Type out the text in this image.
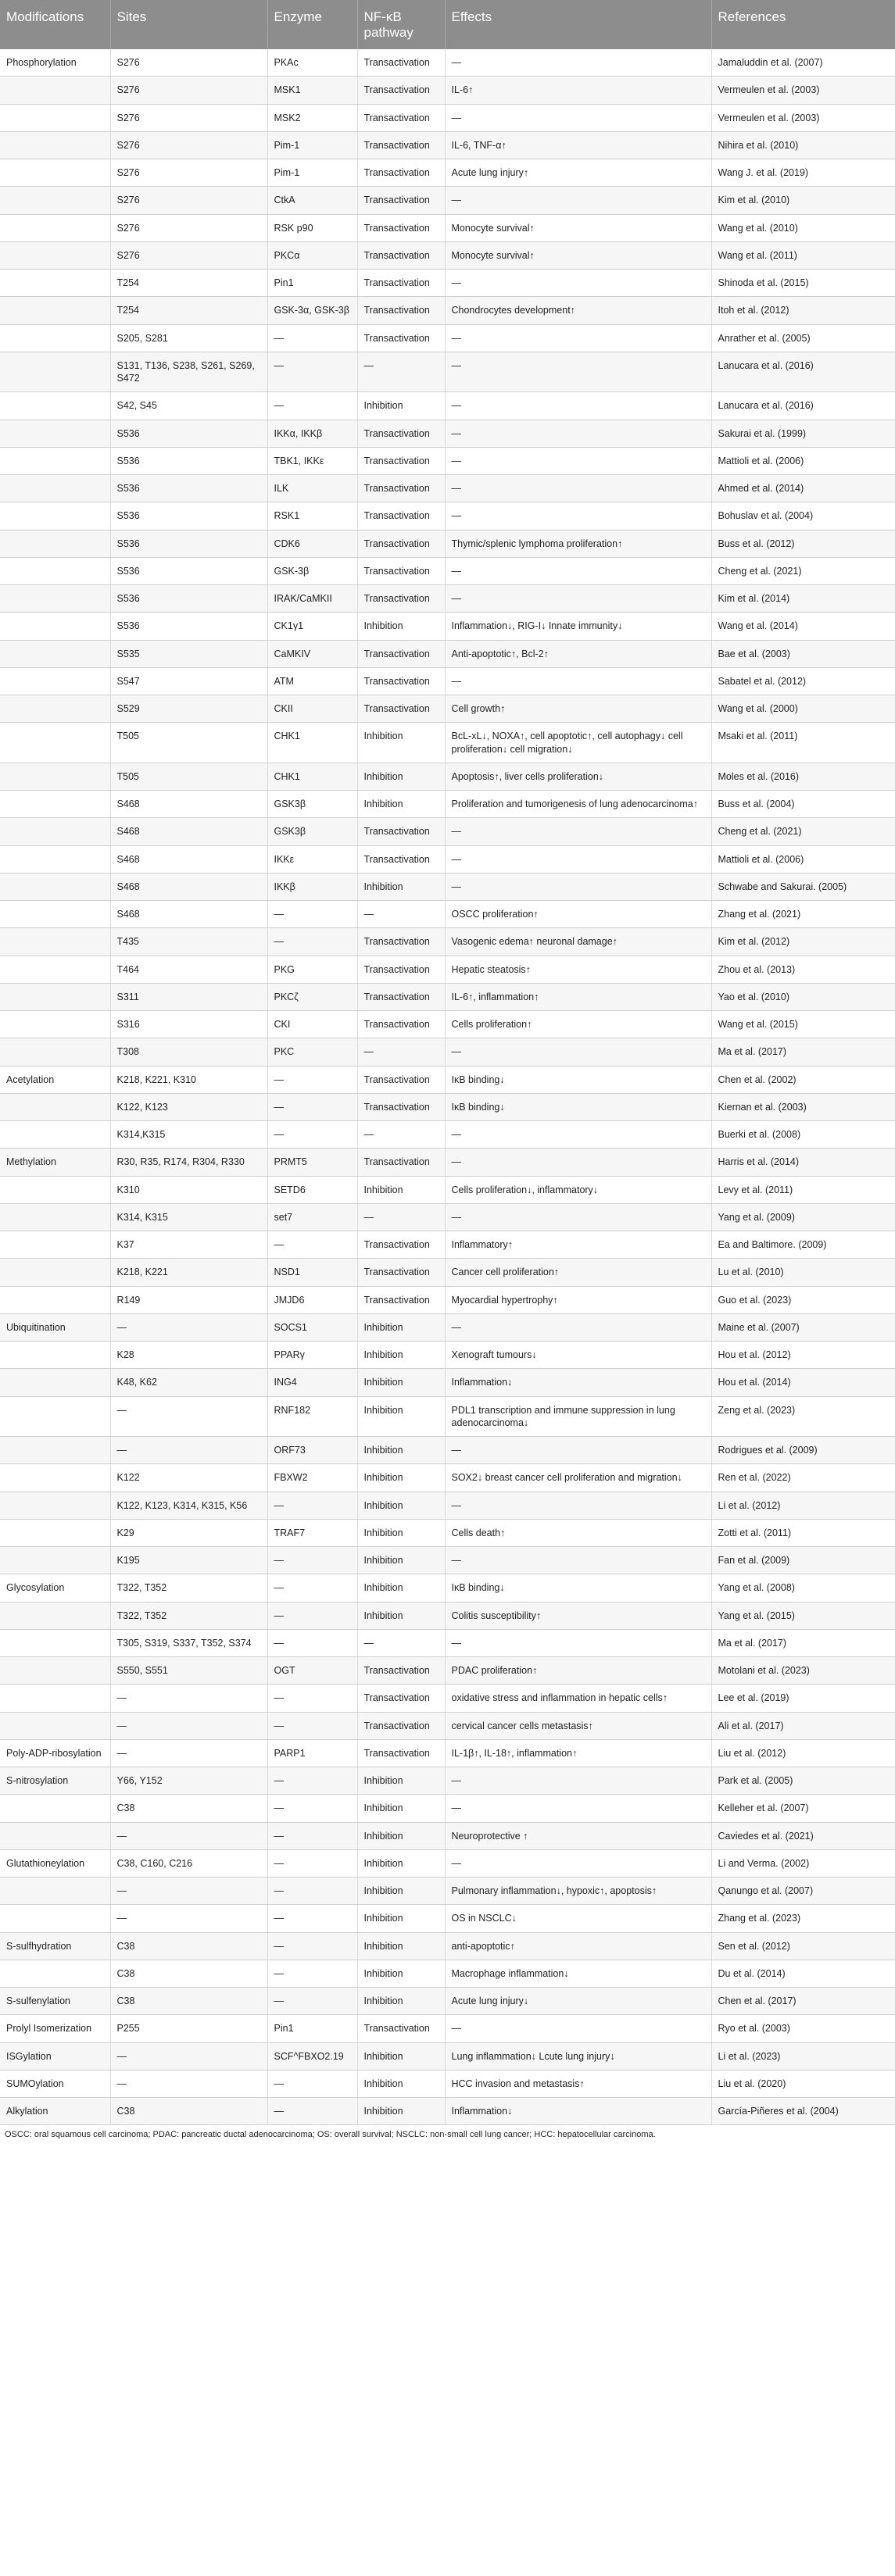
Modifications	Sites	Enzyme	NF-κB pathway	Effects	References
Phosphorylation	S276	PKAc	Transactivation	—	Jamaluddin et al. (2007)
	S276	MSK1	Transactivation	IL-6↑	Vermeulen et al. (2003)
	S276	MSK2	Transactivation	—	Vermeulen et al. (2003)
	S276	Pim-1	Transactivation	IL-6, TNF-α↑	Nihira et al. (2010)
	S276	Pim-1	Transactivation	Acute lung injury↑	Wang J. et al. (2019)
	S276	CtkA	Transactivation	—	Kim et al. (2010)
	S276	RSK p90	Transactivation	Monocyte survival↑	Wang et al. (2010)
	S276	PKCα	Transactivation	Monocyte survival↑	Wang et al. (2011)
	T254	Pin1	Transactivation	—	Shinoda et al. (2015)
	T254	GSK-3α, GSK-3β	Transactivation	Chondrocytes development↑	Itoh et al. (2012)
	S205, S281	—	Transactivation	—	Anrather et al. (2005)
	S131, T136, S238, S261, S269, S472	—	—	—	Lanucara et al. (2016)
	S42, S45	—	Inhibition	—	Lanucara et al. (2016)
	S536	IKKα, IKKβ	Transactivation	—	Sakurai et al. (1999)
	S536	TBK1, IKKε	Transactivation	—	Mattioli et al. (2006)
	S536	ILK	Transactivation	—	Ahmed et al. (2014)
	S536	RSK1	Transactivation	—	Bohuslav et al. (2004)
	S536	CDK6	Transactivation	Thymic/splenic lymphoma proliferation↑	Buss et al. (2012)
	S536	GSK-3β	Transactivation	—	Cheng et al. (2021)
	S536	IRAK/CaMKII	Transactivation	—	Kim et al. (2014)
	S536	CK1γ1	Inhibition	Inflammation↓, RIG-I↓ Innate immunity↓	Wang et al. (2014)
	S535	CaMKIV	Transactivation	Anti-apoptotic↑, Bcl-2↑	Bae et al. (2003)
	S547	ATM	Transactivation	—	Sabatel et al. (2012)
	S529	CKII	Transactivation	Cell growth↑	Wang et al. (2000)
	T505	CHK1	Inhibition	BcL-xL↓, NOXA↑, cell apoptotic↑, cell autophagy↓ cell proliferation↓ cell migration↓	Msaki et al. (2011)
	T505	CHK1	Inhibition	Apoptosis↑, liver cells proliferation↓	Moles et al. (2016)
	S468	GSK3β	Inhibition	Proliferation and tumorigenesis of lung adenocarcinoma↑	Buss et al. (2004)
	S468	GSK3β	Transactivation	—	Cheng et al. (2021)
	S468	IKKε	Transactivation	—	Mattioli et al. (2006)
	S468	IKKβ	Inhibition	—	Schwabe and Sakurai. (2005)
	S468	—	—	OSCC proliferation↑	Zhang et al. (2021)
	T435	—	Transactivation	Vasogenic edema↑ neuronal damage↑	Kim et al. (2012)
	T464	PKG	Transactivation	Hepatic steatosis↑	Zhou et al. (2013)
	S311	PKCζ	Transactivation	IL-6↑, inflammation↑	Yao et al. (2010)
	S316	CKI	Transactivation	Cells proliferation↑	Wang et al. (2015)
	T308	PKC	—	—	Ma et al. (2017)
Acetylation	K218, K221, K310	—	Transactivation	IκB binding↓	Chen et al. (2002)
	K122, K123	—	Transactivation	IκB binding↓	Kiernan et al. (2003)
	K314,K315	—	—	—	Buerki et al. (2008)
Methylation	R30, R35, R174, R304, R330	PRMT5	Transactivation	—	Harris et al. (2014)
	K310	SETD6	Inhibition	Cells proliferation↓, inflammatory↓	Levy et al. (2011)
	K314, K315	set7	—	—	Yang et al. (2009)
	K37	—	Transactivation	Inflammatory↑	Ea and Baltimore. (2009)
	K218, K221	NSD1	Transactivation	Cancer cell proliferation↑	Lu et al. (2010)
	R149	JMJD6	Transactivation	Myocardial hypertrophy↑	Guo et al. (2023)
Ubiquitination	—	SOCS1	Inhibition	—	Maine et al. (2007)
	K28	PPARγ	Inhibition	Xenograft tumours↓	Hou et al. (2012)
	K48, K62	ING4	Inhibition	Inflammation↓	Hou et al. (2014)
	—	RNF182	Inhibition	PDL1 transcription and immune suppression in lung adenocarcinoma↓	Zeng et al. (2023)
	—	ORF73	Inhibition	—	Rodrigues et al. (2009)
	K122	FBXW2	Inhibition	SOX2↓ breast cancer cell proliferation and migration↓	Ren et al. (2022)
	K122, K123, K314, K315, K56	—	Inhibition	—	Li et al. (2012)
	K29	TRAF7	Inhibition	Cells death↑	Zotti et al. (2011)
	K195	—	Inhibition	—	Fan et al. (2009)
Glycosylation	T322, T352	—	Inhibition	IκB binding↓	Yang et al. (2008)
	T322, T352	—	Inhibition	Colitis susceptibility↑	Yang et al. (2015)
	T305, S319, S337, T352, S374	—	—	—	Ma et al. (2017)
	S550, S551	OGT	Transactivation	PDAC proliferation↑	Motolani et al. (2023)
	—	—	Transactivation	oxidative stress and inflammation in hepatic cells↑	Lee et al. (2019)
	—	—	Transactivation	cervical cancer cells metastasis↑	Ali et al. (2017)
Poly-ADP-ribosylation	—	PARP1	Transactivation	IL-1β↑, IL-18↑, inflammation↑	Liu et al. (2012)
S-nitrosylation	Y66, Y152	—	Inhibition	—	Park et al. (2005)
	C38	—	Inhibition	—	Kelleher et al. (2007)
	—	—	Inhibition	Neuroprotective ↑	Caviedes et al. (2021)
Glutathioneylation	C38, C160, C216	—	Inhibition	—	Li and Verma. (2002)
	—	—	Inhibition	Pulmonary inflammation↓, hypoxic↑, apoptosis↑	Qanungo et al. (2007)
	—	—	Inhibition	OS in NSCLC↓	Zhang et al. (2023)
S-sulfhydration	C38	—	Inhibition	anti-apoptotic↑	Sen et al. (2012)
	C38	—	Inhibition	Macrophage inflammation↓	Du et al. (2014)
S-sulfenylation	C38	—	Inhibition	Acute lung injury↓	Chen et al. (2017)
Prolyl Isomerization	P255	Pin1	Transactivation	—	Ryo et al. (2003)
ISGylation	—	SCF^FBXO2.19	Inhibition	Lung inflammation↓ Lcute lung injury↓	Li et al. (2023)
SUMOylation	—	—	Inhibition	HCC invasion and metastasis↑	Liu et al. (2020)
Alkylation	C38	—	Inhibition	Inflammation↓	García-Piñeres et al. (2004)
OSCC: oral squamous cell carcinoma; PDAC: pancreatic ductal adenocarcinoma; OS: overall survival; NSCLC: non-small cell lung cancer; HCC: hepatocellular carcinoma.
